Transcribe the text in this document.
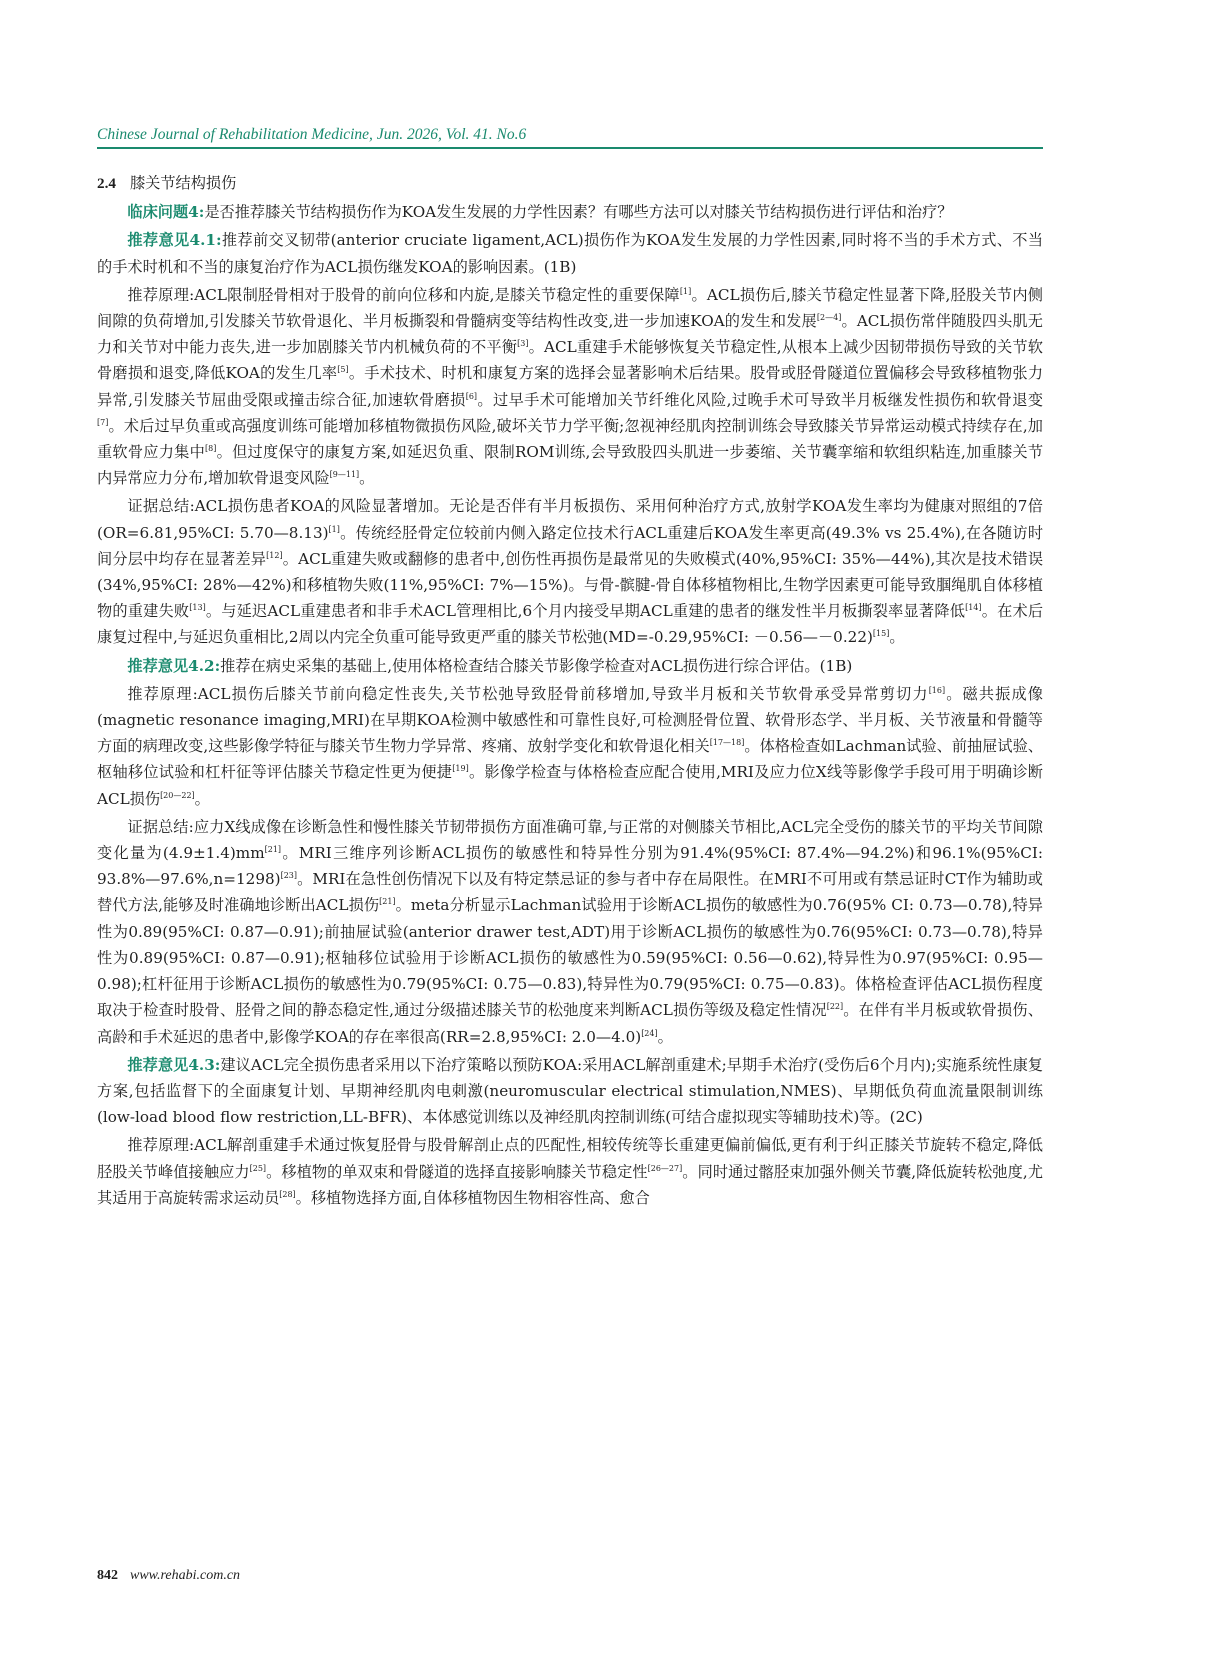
Chinese Journal of Rehabilitation Medicine, Jun. 2026, Vol. 41. No.6
2.4 膝关节结构损伤

临床问题4:是否推荐膝关节结构损伤作为KOA发生发展的力学性因素？有哪些方法可以对膝关节结构损伤进行评估和治疗？

推荐意见4.1:推荐前交叉韧带(anterior cruciate ligament,ACL)损伤作为KOA发生发展的力学性因素,同时将不当的手术方式、不当的手术时机和不当的康复治疗作为ACL损伤继发KOA的影响因素。(1B)

推荐原理:ACL限制胫骨相对于股骨的前向位移和内旋,是膝关节稳定性的重要保障[1]。ACL损伤后,膝关节稳定性显著下降,胫股关节内侧间隙的负荷增加,引发膝关节软骨退化、半月板撕裂和骨髓病变等结构性改变,进一步加速KOA的发生和发展[2—4]。ACL损伤常伴随股四头肌无力和关节对中能力丧失,进一步加剧膝关节内机械负荷的不平衡[3]。ACL重建手术能够恢复关节稳定性,从根本上减少因韧带损伤导致的关节软骨磨损和退变,降低KOA的发生几率[5]。手术技术、时机和康复方案的选择会显著影响术后结果。股骨或胫骨隧道位置偏移会导致移植物张力异常,引发膝关节屈曲受限或撞击综合征,加速软骨磨损[6]。过早手术可能增加关节纤维化风险,过晚手术可导致半月板继发性损伤和软骨退变[7]。术后过早负重或高强度训练可能增加移植物微损伤风险,破坏关节力学平衡;忽视神经肌肉控制训练会导致膝关节异常运动模式持续存在,加重软骨应力集中[8]。但过度保守的康复方案,如延迟负重、限制ROM训练,会导致股四头肌进一步萎缩、关节囊挛缩和软组织粘连,加重膝关节内异常应力分布,增加软骨退变风险[9—11]。

证据总结:ACL损伤患者KOA的风险显著增加。无论是否伴有半月板损伤、采用何种治疗方式,放射学KOA发生率均为健康对照组的7倍(OR=6.81,95%CI: 5.70—8.13)[1]。传统经胫骨定位较前内侧入路定位技术行ACL重建后KOA发生率更高(49.3% vs 25.4%),在各随访时间分层中均存在显著差异[12]。ACL重建失败或翻修的患者中,创伤性再损伤是最常见的失败模式(40%,95%CI: 35%—44%),其次是技术错误(34%,95%CI: 28%—42%)和移植物失败(11%,95%CI: 7%—15%)。与骨-髌腱-骨自体移植物相比,生物学因素更可能导致腘绳肌自体移植物的重建失败[13]。与延迟ACL重建患者和非手术ACL管理相比,6个月内接受早期ACL重建的患者的继发性半月板撕裂率显著降低[14]。在术后康复过程中,与延迟负重相比,2周以内完全负重可能导致更严重的膝关节松弛(MD=-0.29,95%CI: －0.56—－0.22)[15]。

推荐意见4.2:推荐在病史采集的基础上,使用体格检查结合膝关节影像学检查对ACL损伤进行综合评估。(1B)

推荐原理:ACL损伤后膝关节前向稳定性丧失,关节松弛导致胫骨前移增加,导致半月板和关节软骨承受异常剪切力[16]。磁共振成像(magnetic resonance imaging,MRI)在早期KOA检测中敏感性和可靠性良好,可检测胫骨位置、软骨形态学、半月板、关节液量和骨髓等方面的病理改变,这些影像学特征与膝关节生物力学异常、疼痛、放射学变化和软骨退化相关[17—18]。体格检查如Lachman试验、前抽屉试验、枢轴移位试验和杠杆征等评估膝关节稳定性更为便捷[19]。影像学检查与体格检查应配合使用,MRI及应力位X线等影像学手段可用于明确诊断ACL损伤[20—22]。

证据总结:应力X线成像在诊断急性和慢性膝关节韧带损伤方面准确可靠,与正常的对侧膝关节相比,ACL完全受伤的膝关节的平均关节间隙变化量为(4.9±1.4)mm[21]。MRI三维序列诊断ACL损伤的敏感性和特异性分别为91.4%(95%CI: 87.4%—94.2%)和96.1%(95%CI: 93.8%—97.6%,n=1298)[23]。MRI在急性创伤情况下以及有特定禁忌证的参与者中存在局限性。在MRI不可用或有禁忌证时CT作为辅助或替代方法,能够及时准确地诊断出ACL损伤[21]。meta分析显示Lachman试验用于诊断ACL损伤的敏感性为0.76(95% CI: 0.73—0.78),特异性为0.89(95%CI: 0.87—0.91);前抽屉试验(anterior drawer test,ADT)用于诊断ACL损伤的敏感性为0.76(95%CI: 0.73—0.78),特异性为0.89(95%CI: 0.87—0.91);枢轴移位试验用于诊断ACL损伤的敏感性为0.59(95%CI: 0.56—0.62),特异性为0.97(95%CI: 0.95—0.98);杠杆征用于诊断ACL损伤的敏感性为0.79(95%CI: 0.75—0.83),特异性为0.79(95%CI: 0.75—0.83)。体格检查评估ACL损伤程度取决于检查时股骨、胫骨之间的静态稳定性,通过分级描述膝关节的松弛度来判断ACL损伤等级及稳定性情况[22]。在伴有半月板或软骨损伤、高龄和手术延迟的患者中,影像学KOA的存在率很高(RR=2.8,95%CI: 2.0—4.0)[24]。

推荐意见4.3:建议ACL完全损伤患者采用以下治疗策略以预防KOA:采用ACL解剖重建术;早期手术治疗(受伤后6个月内);实施系统性康复方案,包括监督下的全面康复计划、早期神经肌肉电刺激(neuromuscular electrical stimulation,NMES)、早期低负荷血流量限制训练(low-load blood flow restriction,LL-BFR)、本体感觉训练以及神经肌肉控制训练(可结合虚拟现实等辅助技术)等。(2C)

推荐原理:ACL解剖重建手术通过恢复胫骨与股骨解剖止点的匹配性,相较传统等长重建更偏前偏低,更有利于纠正膝关节旋转不稳定,降低胫股关节峰值接触应力[25]。移植物的单双束和骨隧道的选择直接影响膝关节稳定性[26—27]。同时通过髂胫束加强外侧关节囊,降低旋转松弛度,尤其适用于高旋转需求运动员[28]。移植物选择方面,自体移植物因生物相容性高、愈合

842 www.rehabi.com.cn
